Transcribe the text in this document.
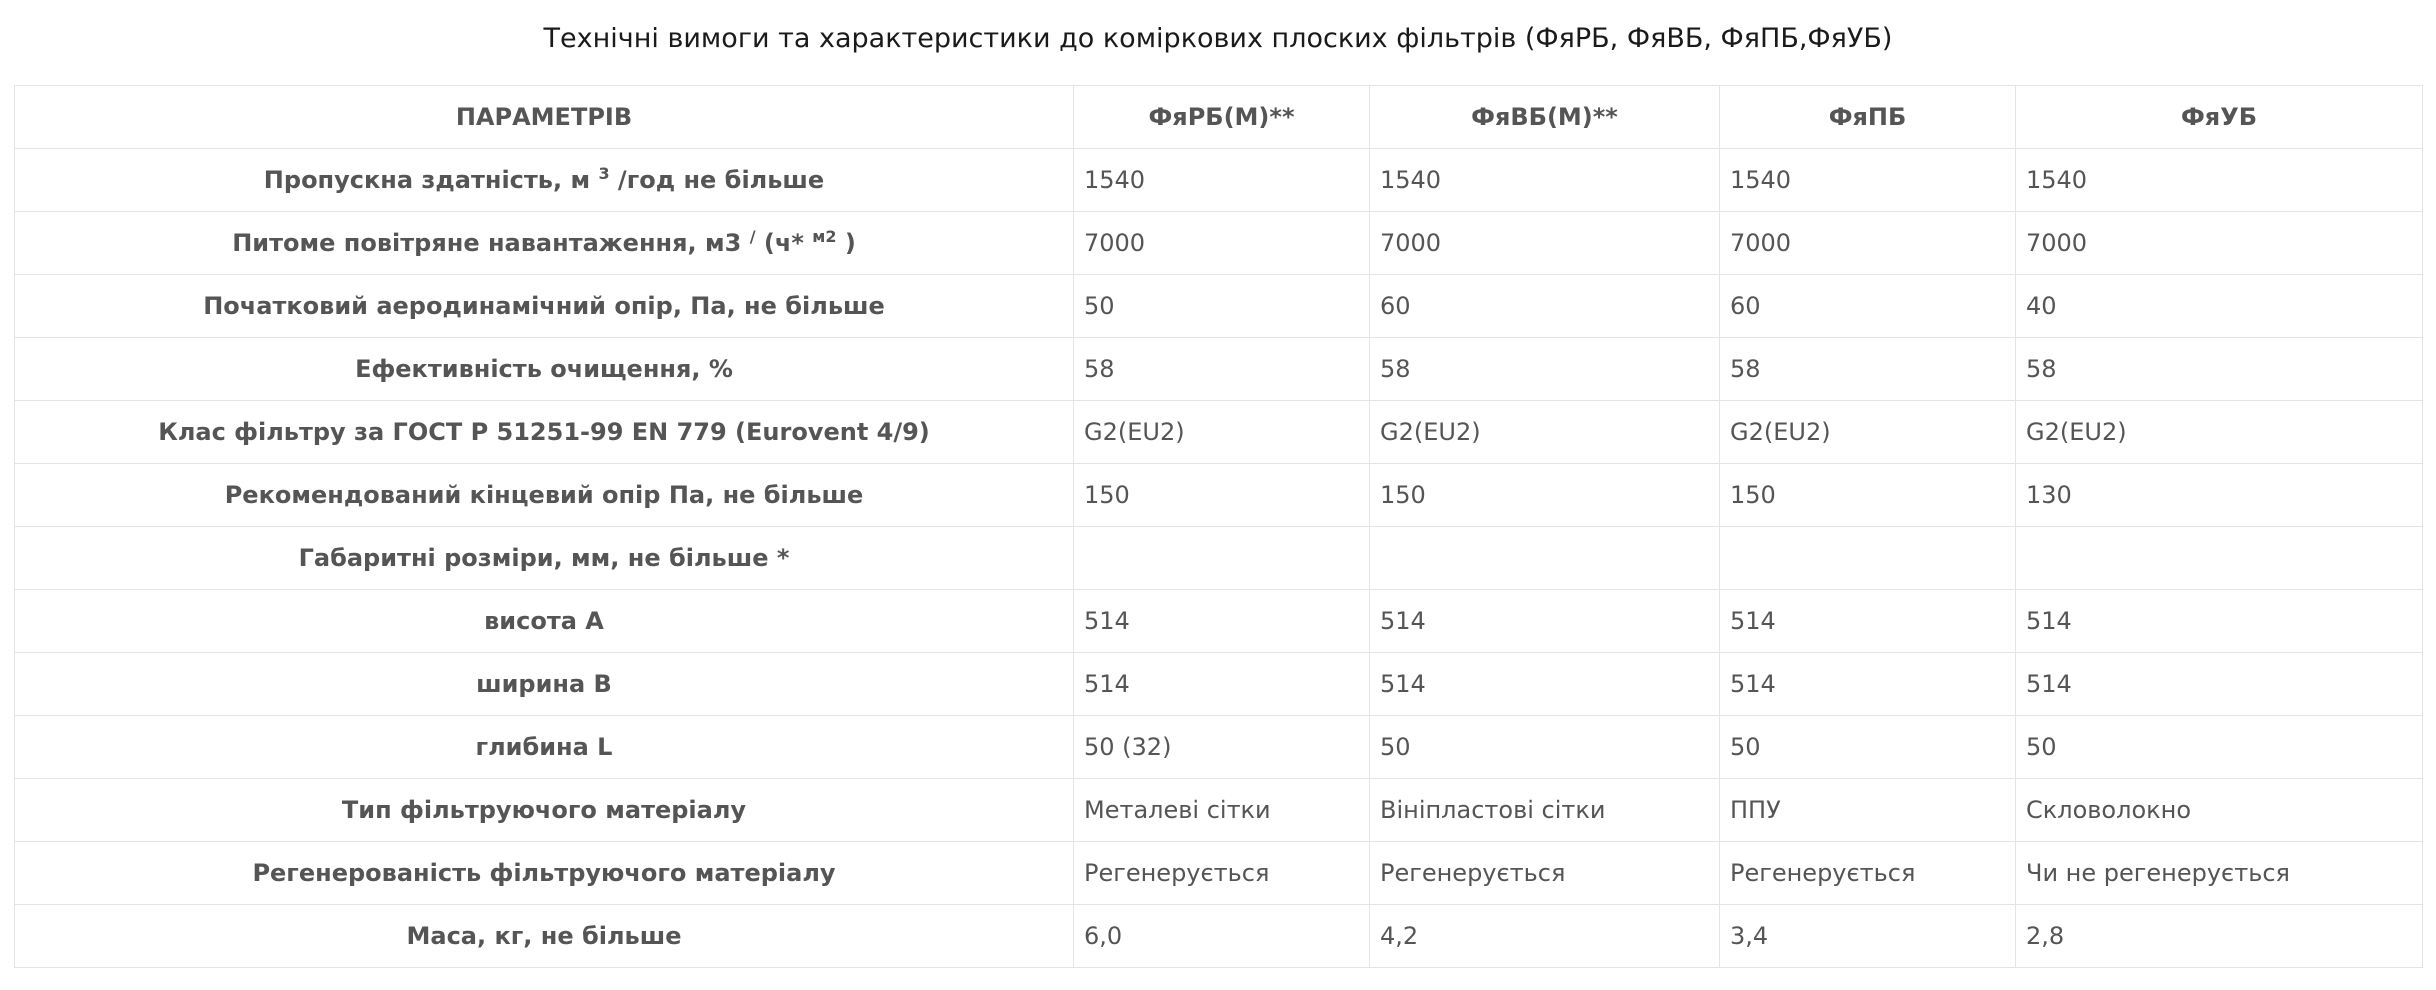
Технічні вимоги та характеристики до коміркових плоских фільтрів (ФяРБ, ФяВБ, ФяПБ,ФяУБ)
ПАРАМЕТРІВ	ФяРБ(М)**	ФяВБ(М)**	ФяПБ	ФяУБ
Пропускна здатність, м $^3$ /год не більше	1540	1540	1540	1540
Питоме повітряне навантаження, м3 / (ч* $^{м2}$ )	7000	7000	7000	7000
Початковий аеродинамічний опір, Па, не більше	50	60	60	40
Ефективність очищення, %	58	58	58	58
Клас фільтру за ГОСТ Р 51251-99 EN 779 (Eurovent 4/9)	G2(EU2)	G2(EU2)	G2(EU2)	G2(EU2)
Рекомендований кінцевий опір Па, не більше	150	150	150	130
Габаритні розміри, мм, не більше *				
висота А	514	514	514	514
ширина В	514	514	514	514
глибина L	50 (32)	50	50	50
Тип фільтруючого матеріалу	Металеві сітки	Вініпластові сітки	ППУ	Скловолокно
Регенерованість фільтруючого матеріалу	Регенерується	Регенерується	Регенерується	Чи не регенерується
Маса, кг, не більше	6,0	4,2	3,4	2,8
